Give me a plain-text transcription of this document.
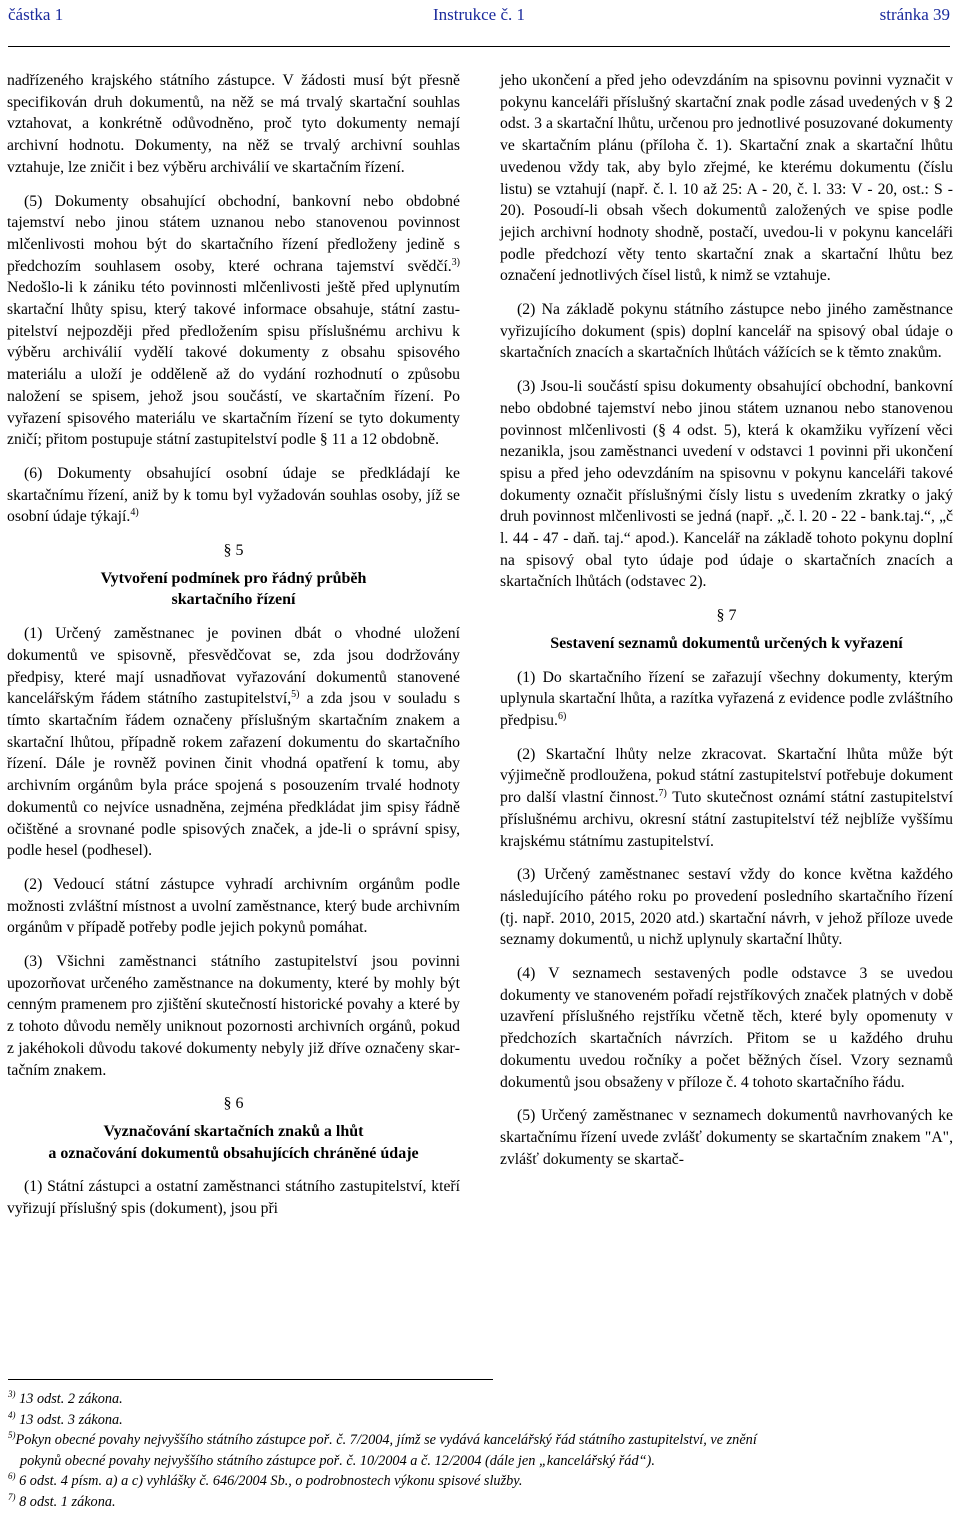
částka 1	Instrukce č. 1	stránka 39

nadřízeného krajského státního zástupce. V žádosti musí být přesně specifikován druh dokumentů, na něž se má trvalý skartační souhlas vztahovat, a konkrétně odůvodněno, proč tyto dokumenty nemají archivní hodnotu. Dokumenty, na něž se trvalý archivní souhlas vztahuje, lze zničit i bez výběru archiválií ve skartačním řízení.

(5) Dokumenty obsahující obchodní, bankovní nebo obdobné tajemství nebo jinou státem uznanou nebo stanovenou povinnost mlčenlivosti mohou být do skartačního řízení předloženy jedině s předchozím souhlasem osoby, které ochrana tajemství svědčí.$^{3)}$ Nedošlo-li k zániku této povinnosti mlčenlivosti ještě před uplynutím skartační lhůty spisu, který takové informace obsahuje, státní zastupitelství nejpozději před předložením spisu příslušnému archivu k výběru archiválií vydělí takové dokumenty z obsahu spisového materiálu a uloží je odděleně až do vydání rozhodnutí o způsobu naložení se spisem, jehož jsou součástí, ve skartačním řízení. Po vyřazení spisového materiálu ve skartačním řízení se tyto dokumenty zničí; přitom postupuje státní zastupitelství podle § 11 a 12 obdobně.

(6) Dokumenty obsahující osobní údaje se předkládají ke skartačnímu řízení, aniž by k tomu byl vyžadován souhlas osoby, jíž se osobní údaje týkají.$^{4)}$

§ 5
Vytvoření podmínek pro řádný průběh
skartačního řízení

(1) Určený zaměstnanec je povinen dbát o vhodné uložení dokumentů ve spisovně, přesvědčovat se, zda jsou dodržovány předpisy, které mají usnadňovat vyřazování dokumentů stanovené kancelářským řádem státního zastupitelství,$^{5)}$ a zda jsou v souladu s tímto skartačním řádem označeny příslušným skartačním znakem a skartační lhůtou, případně rokem zařazení dokumentu do skartačního řízení. Dále je rovněž povinen činit vhodná opatření k tomu, aby archivním orgánům byla práce spojená s posouzením trvalé hodnoty dokumentů co nejvíce usnadněna, zejména předkládat jim spisy řádně očištěné a srovnané podle spisových značek, a jde-li o správní spisy, podle hesel (podhesel).

(2) Vedoucí státní zástupce vyhradí archivním orgánům podle možnosti zvláštní místnost a uvolní zaměstnance, který bude archivním orgánům v případě potřeby podle jejich pokynů pomáhat.

(3) Všichni zaměstnanci státního zastupitelství jsou povinni upozorňovat určeného zaměstnance na dokumenty, které by mohly být cenným pramenem pro zjištění skutečností historické povahy a které by z tohoto důvodu neměly uniknout pozornosti archivních orgánů, pokud z jakéhokoli důvodu takové dokumenty nebyly již dříve označeny skartačním znakem.

§ 6
Vyznačování skartačních znaků a lhůt
a označování dokumentů obsahujících chráněné údaje

(1) Státní zástupci a ostatní zaměstnanci státního zastupitelství, kteří vyřizují příslušný spis (dokument), jsou při

jeho ukončení a před jeho odevzdáním na spisovnu povinni vyznačit v pokynu kanceláři příslušný skartační znak podle zásad uvedených v § 2 odst. 3 a skartační lhůtu, určenou pro jednotlivé posuzované dokumenty ve skartačním plánu (příloha č. 1). Skartační znak a skartační lhůtu uvedenou vždy tak, aby bylo zřejmé, ke kterému dokumentu (číslu listu) se vztahují (např. č. l. 10 až 25: A - 20, č. l. 33: V - 20, ost.: S - 20). Posoudí-li obsah všech dokumentů založených ve spise podle jejich archivní hodnoty shodně, postačí, uvedou-li v pokynu kanceláři podle předchozí věty tento skartační znak a skartační lhůtu bez označení jednotlivých čísel listů, k nimž se vztahuje.

(2) Na základě pokynu státního zástupce nebo jiného zaměstnance vyřizujícího dokument (spis) doplní kancelář na spisový obal údaje o skartačních znacích a skartačních lhůtách vážících se k těmto znakům.

(3) Jsou-li součástí spisu dokumenty obsahující obchodní, bankovní nebo obdobné tajemství nebo jinou státem uznanou nebo stanovenou povinnost mlčenlivosti (§ 4 odst. 5), která k okamžiku vyřízení věci nezanikla, jsou zaměstnanci uvedení v odstavci 1 povinni při ukončení spisu a před jeho odevzdáním na spisovnu v pokynu kanceláři takové dokumenty označit příslušnými čísly listu s uvedením zkratky o jaký druh povinnost mlčenlivosti se jedná (např. „č. l. 20 - 22 - bank.taj.“, „č l. 44 - 47 - daň. taj.“ apod.). Kancelář na základě tohoto pokynu doplní na spisový obal tyto údaje pod údaje o skartačních znacích a skartačních lhůtách (odstavec 2).

§ 7
Sestavení seznamů dokumentů určených k vyřazení

(1) Do skartačního řízení se zařazují všechny dokumenty, kterým uplynula skartační lhůta, a razítka vyřazená z evidence podle zvláštního předpisu.$^{6)}$

(2) Skartační lhůty nelze zkracovat. Skartační lhůta může být výjimečně prodloužena, pokud státní zastupitelství potřebuje dokument pro další vlastní činnost.$^{7)}$ Tuto skutečnost oznámí státní zastupitelství příslušnému archivu, okresní státní zastupitelství též nejblíže vyššímu krajskému státnímu zastupitelství.

(3) Určený zaměstnanec sestaví vždy do konce května každého následujícího pátého roku po provedení posledního skartačního řízení (tj. např. 2010, 2015, 2020 atd.) skartační návrh, v jehož příloze uvede seznamy dokumentů, u nichž uplynuly skartační lhůty.

(4) V seznamech sestavených podle odstavce 3 se uvedou dokumenty ve stanoveném pořadí rejstříkových značek platných v době uzavření příslušného rejstříku včetně těch, které byly opomenuty v předchozích skartačních návrzích. Přitom se u každého druhu dokumentu uvedou ročníky a počet běžných čísel. Vzory seznamů dokumentů jsou obsaženy v příloze č. 4 tohoto skartačního řádu.

(5) Určený zaměstnanec v seznamech dokumentů navrhovaných ke skartačnímu řízení uvede zvlášť dokumenty se skartačním znakem "A", zvlášť dokumenty se skartač-

$^{3)}$ 13 odst. 2 zákona.
$^{4)}$ 13 odst. 3 zákona.
$^{5)}$Pokyn obecné povahy nejvyššího státního zástupce poř. č. 7/2004, jímž se vydává kancelářský řád státního zastupitelství, ve znění
pokynů obecné povahy nejvyššího státního zástupce poř. č. 10/2004 a č. 12/2004 (dále jen „kancelářský řád“).
$^{6)}$ 6 odst. 4 písm. a) a c) vyhlášky č. 646/2004 Sb., o podrobnostech výkonu spisové služby.
$^{7)}$ 8 odst. 1 zákona.
